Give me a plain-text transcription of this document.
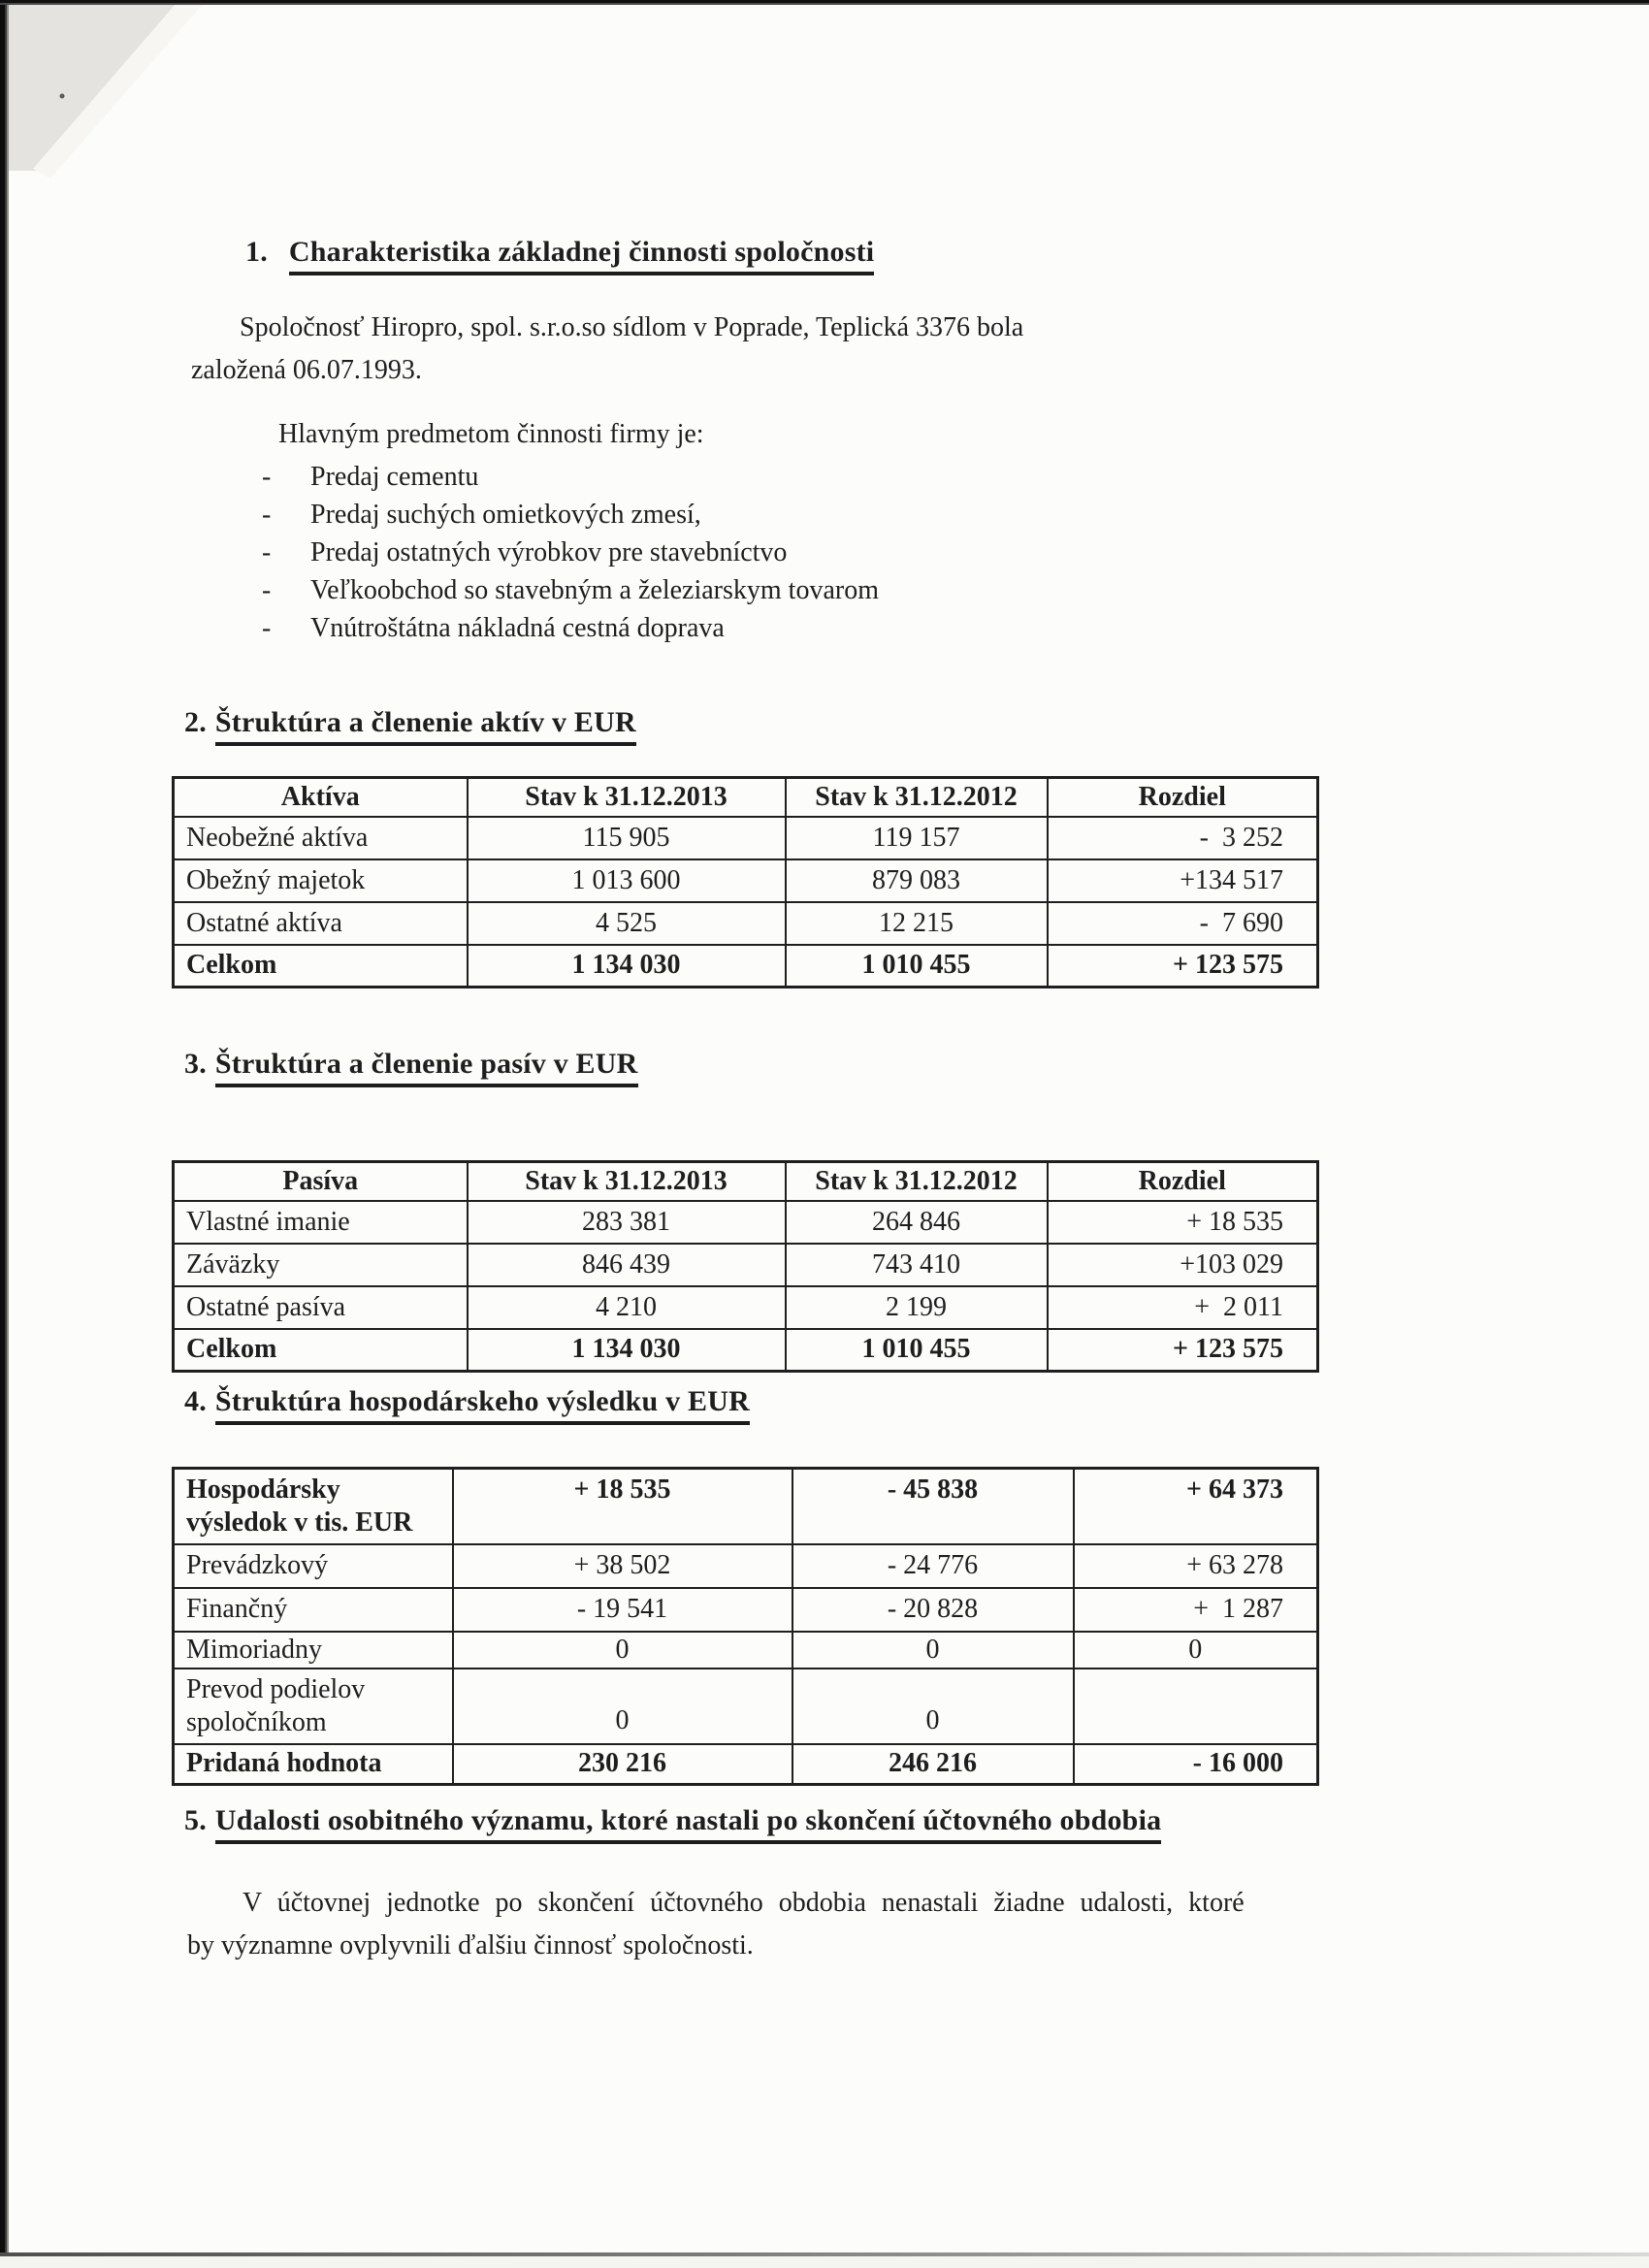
1. Charakteristika základnej činnosti spoločnosti
Spoločnosť Hiropro, spol. s.r.o.so sídlom v Poprade, Teplická 3376 bola
založená 06.07.1993.
Hlavným predmetom činnosti firmy je:
-	Predaj cementu
-	Predaj suchých omietkových zmesí,
-	Predaj ostatných výrobkov pre stavebníctvo
-	Veľkoobchod so stavebným a železiarskym tovarom
-	Vnútroštátna nákladná cestná doprava
2. Štruktúra a členenie aktív v EUR
Aktíva	Stav k 31.12.2013	Stav k 31.12.2012	Rozdiel
Neobežné aktíva	115 905	119 157	-  3 252
Obežný majetok	1 013 600	879 083	+134 517
Ostatné aktíva	4 525	12 215	-  7 690
Celkom	1 134 030	1 010 455	+ 123 575
3. Štruktúra a členenie pasív v EUR
Pasíva	Stav k 31.12.2013	Stav k 31.12.2012	Rozdiel
Vlastné imanie	283 381	264 846	+ 18 535
Záväzky	846 439	743 410	+103 029
Ostatné pasíva	4 210	2 199	+  2 011
Celkom	1 134 030	1 010 455	+ 123 575
4. Štruktúra hospodárskeho výsledku v EUR
Hospodársky výsledok v tis. EUR	+ 18 535	- 45 838	+ 64 373
Prevádzkový	+ 38 502	- 24 776	+ 63 278
Finančný	- 19 541	- 20 828	+  1 287
Mimoriadny	0	0	0
Prevod podielov spoločníkom	0	0	
Pridaná hodnota	230 216	246 216	- 16 000
5. Udalosti osobitného významu, ktoré nastali po skončení účtovného obdobia
V účtovnej jednotke po skončení účtovného obdobia nenastali žiadne udalosti, ktoré
by významne ovplyvnili ďalšiu činnosť spoločnosti.
